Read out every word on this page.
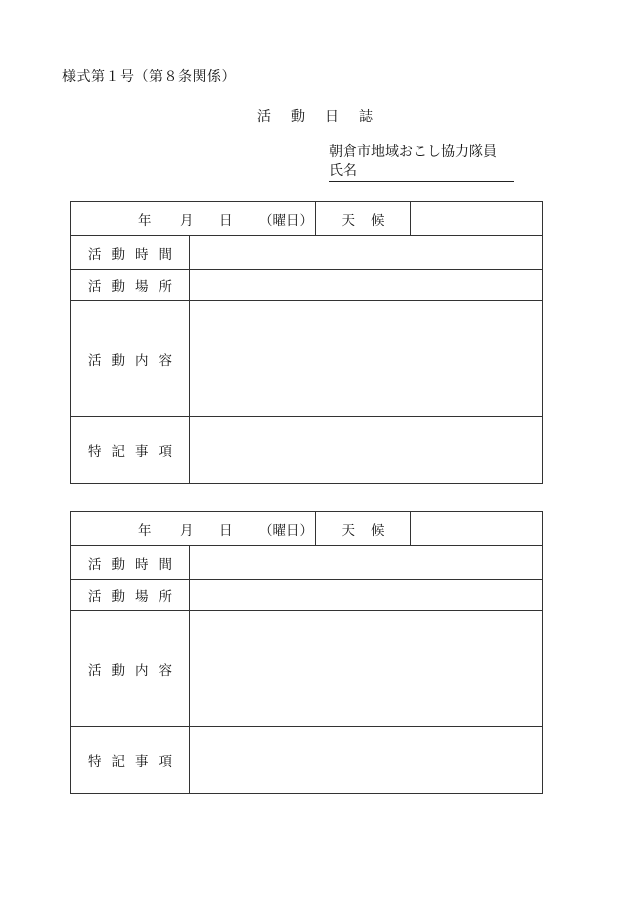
様式第１号（第８条関係）
活 動 日 誌
朝倉市地域おこし協力隊員
氏名
年 月 日 （曜日）		天 候	
活 動 時 間			
活 動 場 所			
活 動 内 容			
特 記 事 項			
年 月 日 （曜日）		天 候	
活 動 時 間			
活 動 場 所			
活 動 内 容			
特 記 事 項			
